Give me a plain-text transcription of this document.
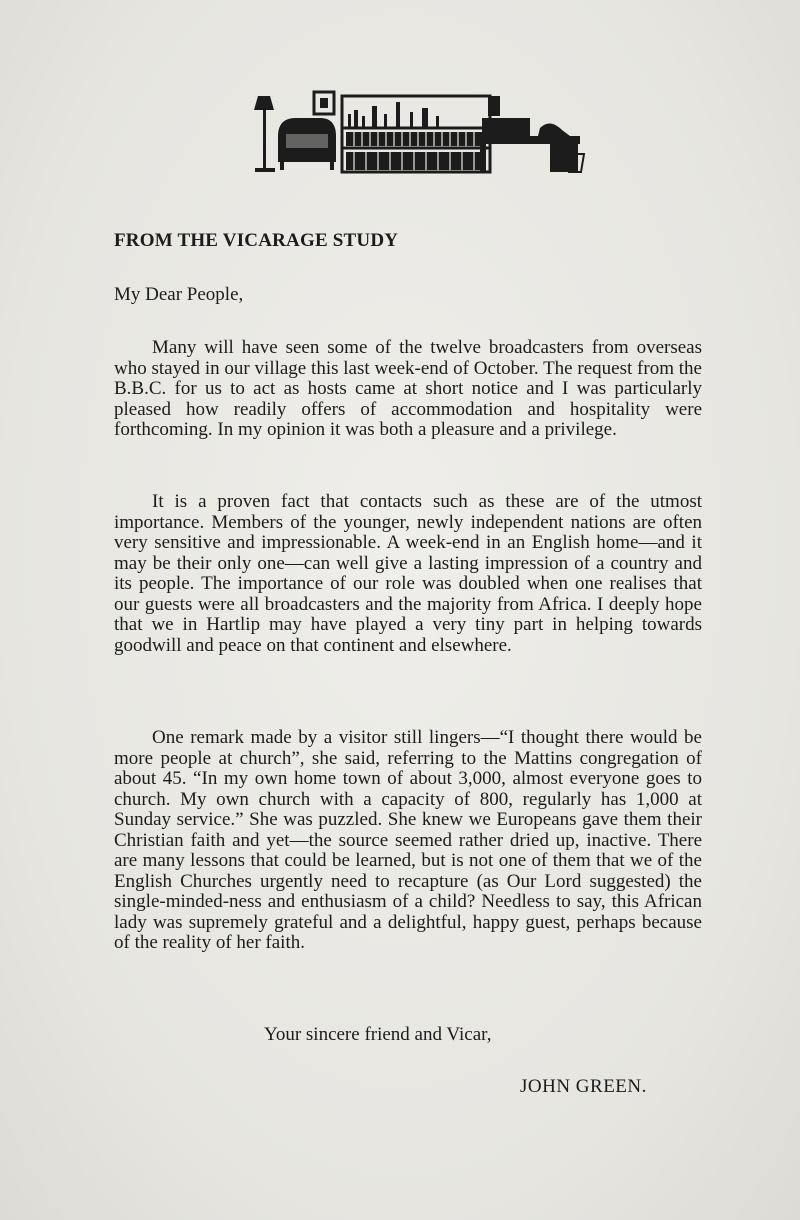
FROM THE VICARAGE STUDY
My Dear People,

Many will have seen some of the twelve broadcasters from overseas who stayed in our village this last week-end of October. The request from the B.B.C. for us to act as hosts came at short notice and I was particularly pleased how readily offers of accommodation and hospitality were forthcoming. In my opinion it was both a pleasure and a privilege.

It is a proven fact that contacts such as these are of the utmost importance. Members of the younger, newly independent nations are often very sensitive and impressionable. A week-end in an English home—and it may be their only one—can well give a lasting impression of a country and its people. The importance of our role was doubled when one realises that our guests were all broadcasters and the majority from Africa. I deeply hope that we in Hartlip may have played a very tiny part in helping towards goodwill and peace on that continent and elsewhere.

One remark made by a visitor still lingers—“I thought there would be more people at church”, she said, referring to the Mattins congregation of about 45. “In my own home town of about 3,000, almost everyone goes to church. My own church with a capacity of 800, regularly has 1,000 at Sunday service.” She was puzzled. She knew we Europeans gave them their Christian faith and yet—the source seemed rather dried up, inactive. There are many lessons that could be learned, but is not one of them that we of the English Churches urgently need to recapture (as Our Lord suggested) the single-minded-ness and enthusiasm of a child? Needless to say, this African lady was supremely grateful and a delightful, happy guest, perhaps because of the reality of her faith.

Your sincere friend and Vicar,
JOHN GREEN.
